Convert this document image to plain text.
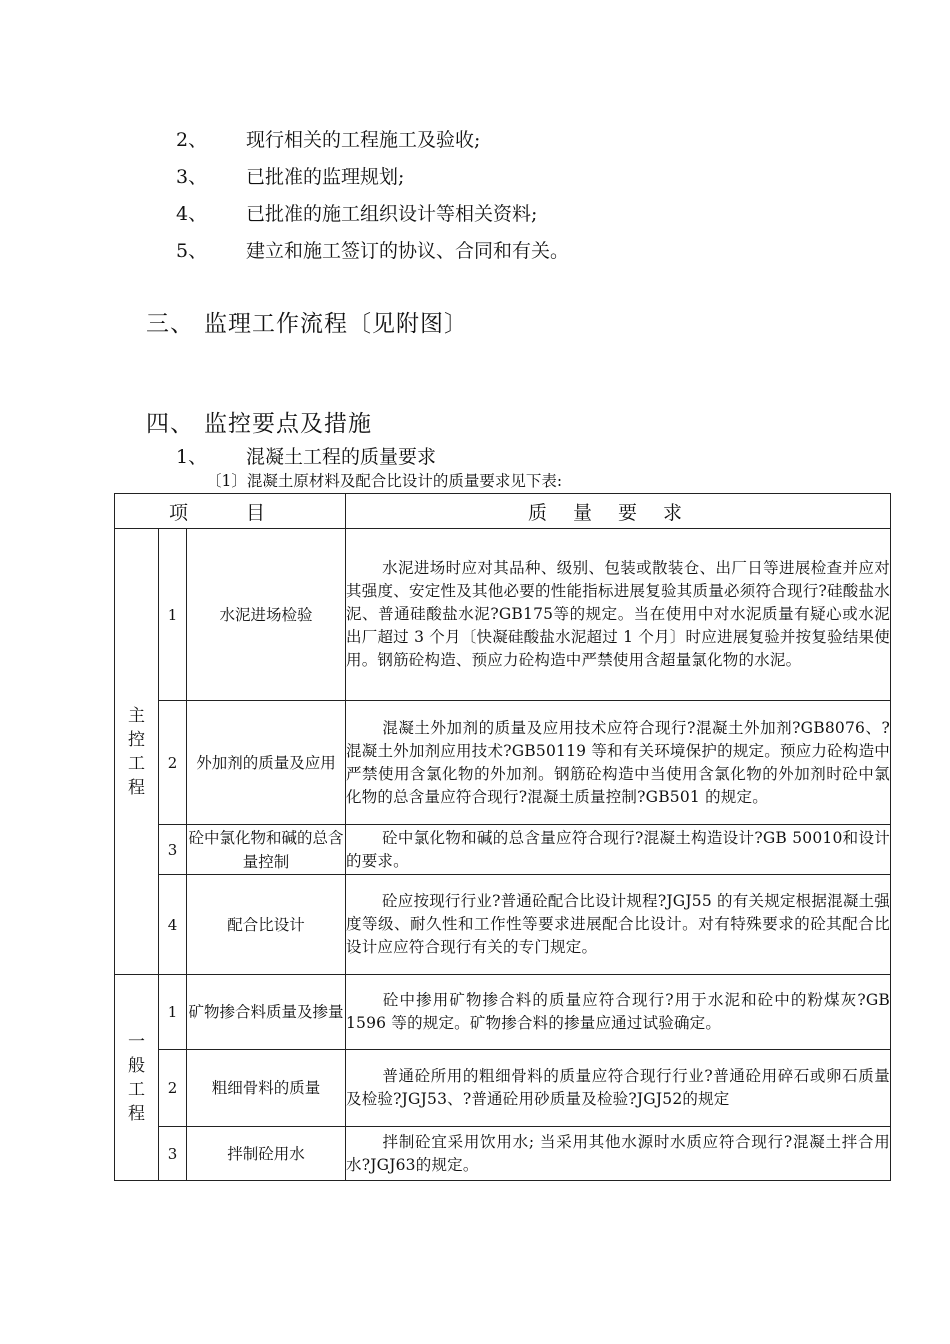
2、 现行相关的工程施工及验收;
3、 已批准的监理规划;
4、 已批准的施工组织设计等相关资料;
5、 建立和施工签订的协议、合同和有关。
三、 监理工作流程〔见附图〕
四、 监控要点及措施
1、 混凝土工程的质量要求
〔1〕混凝土原材料及配合比设计的质量要求见下表:
项 目			质量要求

主
控
工
程	1	水泥进场检验	水泥进场时应对其品种、级别、包装或散装仓、出厂日等进展检查并应对其强度、安定性及其他必要的性能指标进展复验其质量必须符合现行?硅酸盐水泥、普通硅酸盐水泥?GB175等的规定。当在使用中对水泥质量有疑心或水泥出厂超过 3 个月〔快凝硅酸盐水泥超过 1 个月〕时应进展复验并按复验结果使用。钢筋砼构造、预应力砼构造中严禁使用含超量氯化物的水泥。
	2	外加剂的质量及应用	混凝土外加剂的质量及应用技术应符合现行?混凝土外加剂?GB8076、?混凝土外加剂应用技术?GB50119 等和有关环境保护的规定。预应力砼构造中严禁使用含氯化物的外加剂。钢筋砼构造中当使用含氯化物的外加剂时砼中氯化物的总含量应符合现行?混凝土质量控制?GB501 的规定。
	3	砼中氯化物和碱的总含量控制	砼中氯化物和碱的总含量应符合现行?混凝土构造设计?GB 50010和设计的要求。
	4	配合比设计	砼应按现行行业?普通砼配合比设计规程?JGJ55 的有关规定根据混凝土强度等级、耐久性和工作性等要求进展配合比设计。对有特殊要求的砼其配合比设计应应符合现行有关的专门规定。

一
般
工
程	1	矿物掺合料质量及掺量	砼中掺用矿物掺合料的质量应符合现行?用于水泥和砼中的粉煤灰?GB 1596 等的规定。矿物掺合料的掺量应通过试验确定。
	2	粗细骨料的质量	普通砼所用的粗细骨料的质量应符合现行行业?普通砼用碎石或卵石质量及检验?JGJ53、?普通砼用砂质量及检验?JGJ52的规定
	3	拌制砼用水	拌制砼宜采用饮用水; 当采用其他水源时水质应符合现行?混凝土拌合用水?JGJ63的规定。
